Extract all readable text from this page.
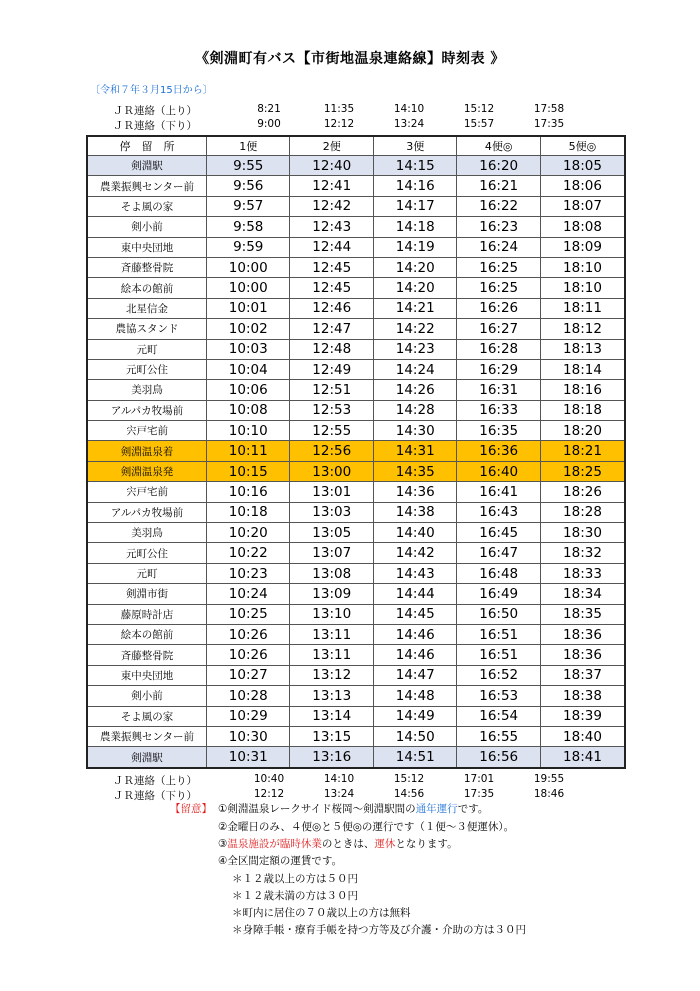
《剣淵町有バス【市街地温泉連絡線】時刻表 》
〔令和７年３月15日から〕
ＪＲ連絡（上り）	8:21	11:35	14:10	15:12	17:58
ＪＲ連絡（下り）	9:00	12:12	13:24	15:57	17:35
停　留　所	1便	2便	3便	4便◎	5便◎
剣淵駅	9:55	12:40	14:15	16:20	18:05
農業振興センター前	9:56	12:41	14:16	16:21	18:06
そよ風の家	9:57	12:42	14:17	16:22	18:07
剣小前	9:58	12:43	14:18	16:23	18:08
東中央団地	9:59	12:44	14:19	16:24	18:09
斉藤整骨院	10:00	12:45	14:20	16:25	18:10
絵本の館前	10:00	12:45	14:20	16:25	18:10
北星信金	10:01	12:46	14:21	16:26	18:11
農協スタンド	10:02	12:47	14:22	16:27	18:12
元町	10:03	12:48	14:23	16:28	18:13
元町公住	10:04	12:49	14:24	16:29	18:14
美羽鳥	10:06	12:51	14:26	16:31	18:16
アルパカ牧場前	10:08	12:53	14:28	16:33	18:18
宍戸宅前	10:10	12:55	14:30	16:35	18:20
剣淵温泉着	10:11	12:56	14:31	16:36	18:21
剣淵温泉発	10:15	13:00	14:35	16:40	18:25
宍戸宅前	10:16	13:01	14:36	16:41	18:26
アルパカ牧場前	10:18	13:03	14:38	16:43	18:28
美羽鳥	10:20	13:05	14:40	16:45	18:30
元町公住	10:22	13:07	14:42	16:47	18:32
元町	10:23	13:08	14:43	16:48	18:33
剣淵市街	10:24	13:09	14:44	16:49	18:34
藤原時計店	10:25	13:10	14:45	16:50	18:35
絵本の館前	10:26	13:11	14:46	16:51	18:36
斉藤整骨院	10:26	13:11	14:46	16:51	18:36
東中央団地	10:27	13:12	14:47	16:52	18:37
剣小前	10:28	13:13	14:48	16:53	18:38
そよ風の家	10:29	13:14	14:49	16:54	18:39
農業振興センター前	10:30	13:15	14:50	16:55	18:40
剣淵駅	10:31	13:16	14:51	16:56	18:41
ＪＲ連絡（上り）	10:40	14:10	15:12	17:01	19:55
ＪＲ連絡（下り）	12:12	13:24	14:56	17:35	18:46
【留意】 ①剣淵温泉レークサイド桜岡～剣淵駅間の通年運行です。
②金曜日のみ、４便◎と５便◎の運行です（１便～３便運休）。
③温泉施設が臨時休業のときは、運休となります。
④全区間定額の運賃です。
＊１２歳以上の方は５０円
＊１２歳未満の方は３０円
＊町内に居住の７０歳以上の方は無料
＊身障手帳・療育手帳を持つ方等及び介護・介助の方は３０円
